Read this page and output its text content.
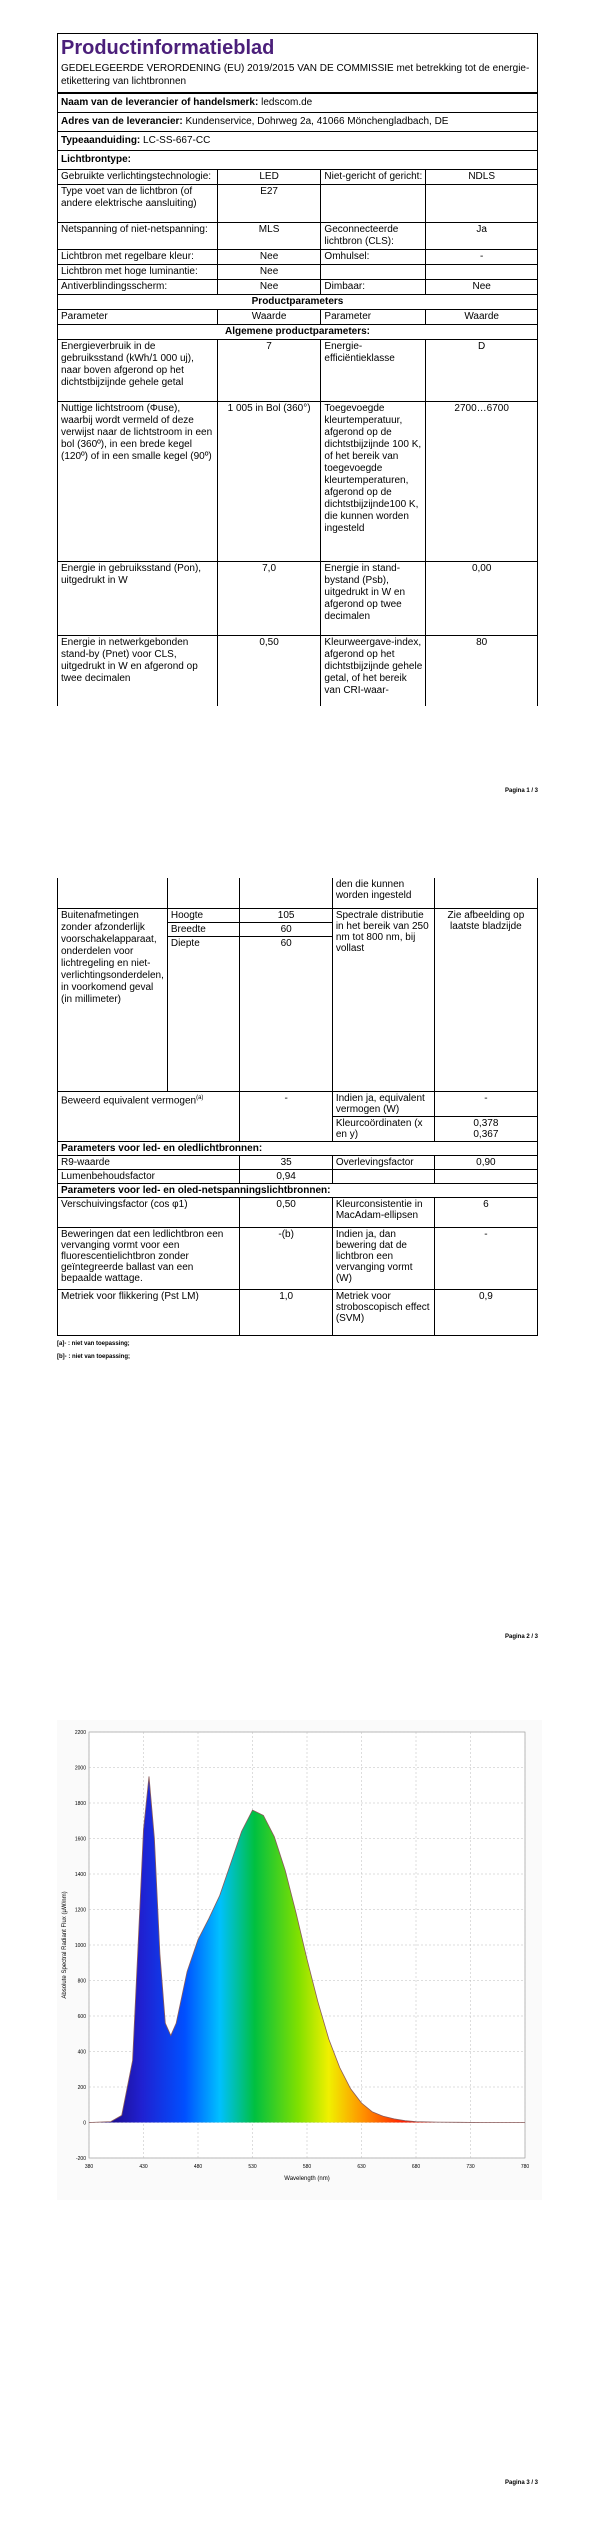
Productinformatieblad
GEDELEGEERDE VERORDENING (EU) 2019/2015 VAN DE COMMISSIE met betrekking tot de energie-etikettering van lichtbronnen
Naam van de leverancier of handelsmerk: ledscom.de			
Adres van de leverancier: Kundenservice, Dohrweg 2a, 41066 Mönchengladbach, DE			
Typeaanduiding: LC-SS-667-CC			
Lichtbrontype:			
Gebruikte verlichtingstechnologie:	LED	Niet-gericht of gericht:	NDLS
Type voet van de lichtbron (of andere elektrische aansluiting)	E27		
Netspanning of niet-netspanning:	MLS	Geconnecteerde lichtbron (CLS):	Ja
Lichtbron met regelbare kleur:	Nee	Omhulsel:	-
Lichtbron met hoge luminantie:	Nee		
Antiverblindingsscherm:	Nee	Dimbaar:	Nee
Productparameters			
Parameter	Waarde	Parameter	Waarde
Algemene productparameters:			
Energieverbruik in de gebruiksstand (kWh/1 000 uj), naar boven afgerond op het dichtstbijzijnde gehele getal	7	Energie-efficiëntieklasse	D
Nuttige lichtstroom (Φuse), waarbij wordt vermeld of deze verwijst naar de lichtstroom in een bol (360º), in een brede kegel (120º) of in een smalle kegel (90º)	1 005 in Bol (360°)	Toegevoegde kleurtemperatuur, afgerond op de dichtstbijzijnde 100 K, of het bereik van toegevoegde kleurtemperaturen, afgerond op de dichtstbijzijnde100 K, die kunnen worden ingesteld	2700…6700
Energie in gebruiksstand (Pon), uitgedrukt in W	7,0	Energie in stand-bystand (Psb), uitgedrukt in W en afgerond op twee decimalen	0,00
Energie in netwerkgebonden stand-by (Pnet) voor CLS, uitgedrukt in W en afgerond op twee decimalen	0,50	Kleurweergave-index, afgerond op het dichtstbijzijnde gehele getal, of het bereik van CRI-waar-	80
Pagina 1 / 3
			den die kunnen worden ingesteld	
Buitenafmetingen zonder afzonderlijk voorschakelapparaat, onderdelen voor lichtregeling en niet-verlichtingsonderdelen, in voorkomend geval (in millimeter)	Hoogte	105	Spectrale distributie in het bereik van 250 nm tot 800 nm, bij vollast	Zie afbeelding op laatste bladzijde
	Breedte	60		
	Diepte	60		
Beweerd equivalent vermogen$^{(a)}$		-	Indien ja, equivalent vermogen (W)	-
			Kleurcoördinaten (x en y)	0,378
0,367

Parameters voor led- en oledlichtbronnen:				
R9-waarde		35	Overlevingsfactor	0,90
Lumenbehoudsfactor		0,94		
Parameters voor led- en oled-netspanningslichtbronnen:				
Verschuivingsfactor (cos φ1)		0,50	Kleurconsistentie in MacAdam-ellipsen	6
Beweringen dat een ledlichtbron een vervanging vormt voor een fluorescentielichtbron zonder geïntegreerde ballast van een bepaalde wattage.		-(b)	Indien ja, dan bewering dat de lichtbron een vervanging vormt (W)	-
Metriek voor flikkering (Pst LM)		1,0	Metriek voor stroboscopisch effect (SVM)	0,9
[a]- : niet van toepassing;
[b]- : niet van toepassing;
Pagina 2 / 3
380	430	480	530	580	630	680	730	780
-200
0
200
400
600
800
1000
1200
1400
1600
1800
2000
2200
Wavelength (nm)
Absolute Spectral Radiant Flux (µW/nm)
Pagina 3 / 3
